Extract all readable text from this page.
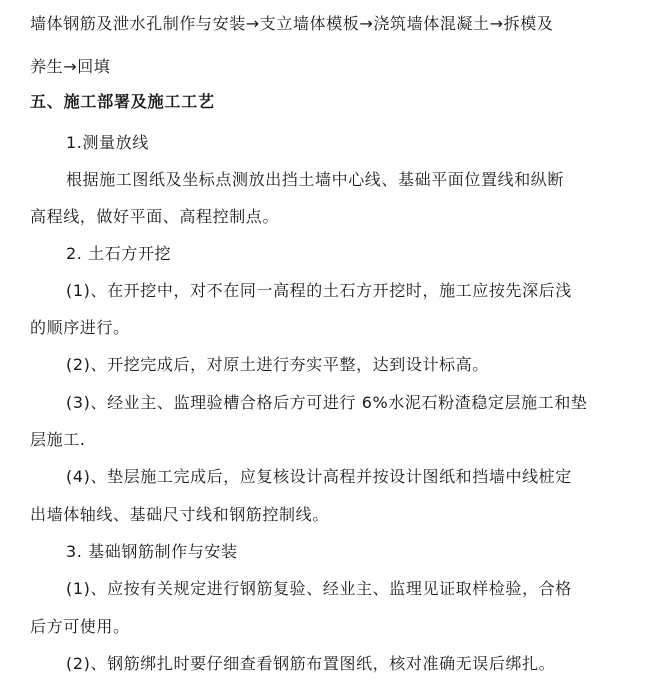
墙体钢筋及泄水孔制作与安装→支立墙体模板→浇筑墙体混凝土→拆模及
养生→回填
五、施工部署及施工工艺
1.测量放线
根据施工图纸及坐标点测放出挡土墙中心线、基础平面位置线和纵断
高程线，做好平面、高程控制点。
2. 土石方开挖
(1)、在开挖中，对不在同一高程的土石方开挖时，施工应按先深后浅
的顺序进行。
(2)、开挖完成后，对原土进行夯实平整，达到设计标高。
(3)、经业主、监理验槽合格后方可进行 6%水泥石粉渣稳定层施工和垫
层施工.
(4)、垫层施工完成后，应复核设计高程并按设计图纸和挡墙中线桩定
出墙体轴线、基础尺寸线和钢筋控制线。
3. 基础钢筋制作与安装
(1)、应按有关规定进行钢筋复验、经业主、监理见证取样检验，合格
后方可使用。
(2)、钢筋绑扎时要仔细查看钢筋布置图纸，核对准确无误后绑扎。
